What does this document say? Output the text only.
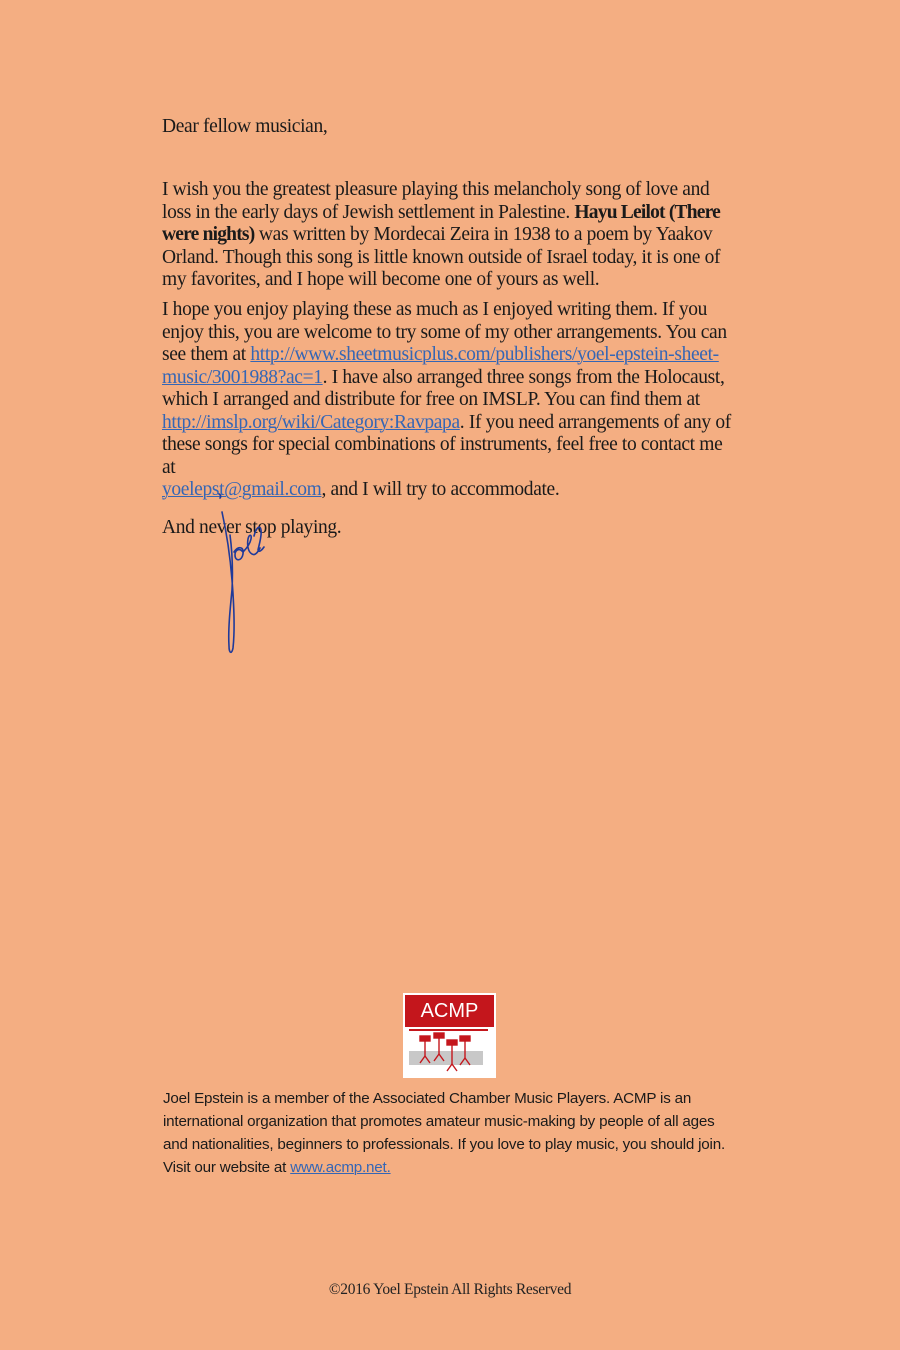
Dear fellow musician,

I wish you the greatest pleasure playing this melancholy song of love and loss in the early days of Jewish settlement in Palestine. Hayu Leilot (There were nights) was written by Mordecai Zeira in 1938 to a poem by Yaakov Orland. Though this song is little known outside of Israel today, it is one of my favorites, and I hope will become one of yours as well.

I hope you enjoy playing these as much as I enjoyed writing them. If you enjoy this, you are welcome to try some of my other arrangements. You can see them at http://www.sheetmusicplus.com/publishers/yoel-epstein-sheet-
music/3001988?ac=1. I have also arranged three songs from the Holocaust, which I arranged and distribute for free on IMSLP. You can find them at
http://imslp.org/wiki/Category:Ravpapa. If you need arrangements of any of these songs for special combinations of instruments, feel free to contact me at
yoelepst@gmail.com, and I will try to accommodate.

And never stop playing.
ACMP

Joel Epstein is a member of the Associated Chamber Music Players. ACMP is an international organization that promotes amateur music-making by people of all ages and nationalities, beginners to professionals. If you love to play music, you should join. Visit our website at www.acmp.net.

©2016 Yoel Epstein All Rights Reserved
